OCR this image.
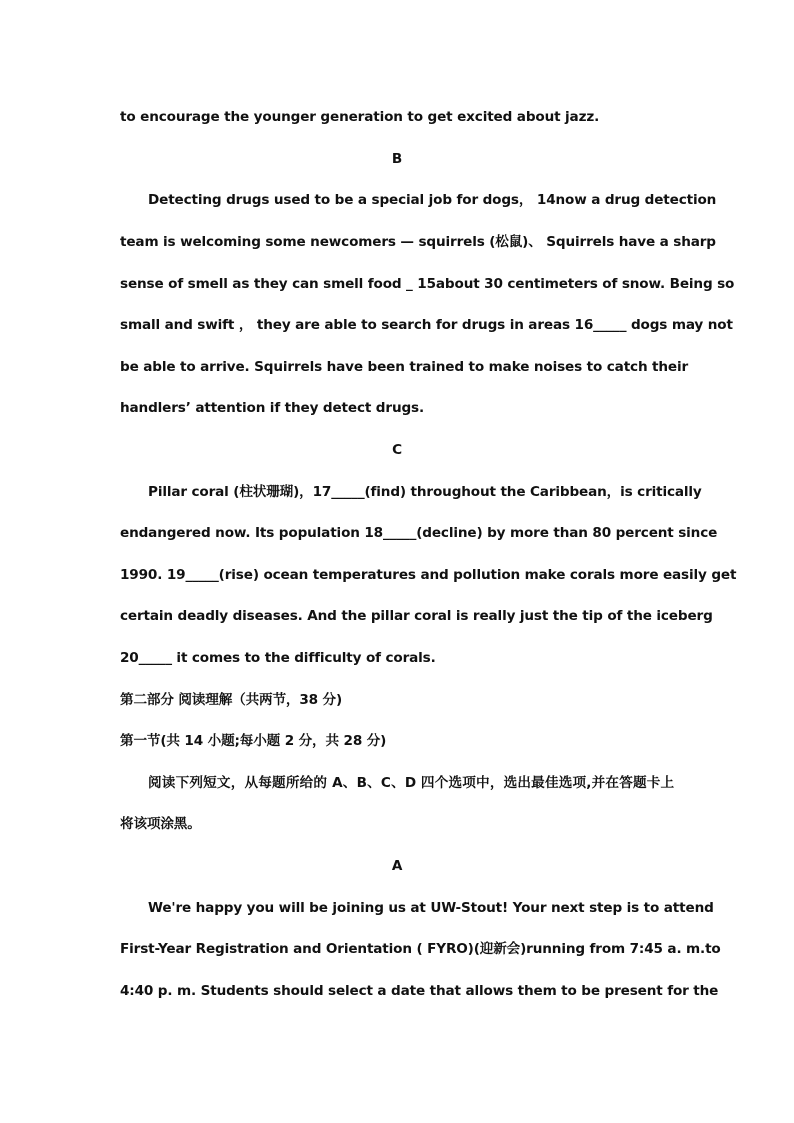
to encourage the younger generation to get excited about jazz.
B
Detecting drugs used to be a special job for dogs， 14now a drug detection
team is welcoming some newcomers — squirrels (松鼠)、 Squirrels have a sharp
sense of smell as they can smell food _ 15about 30 centimeters of snow. Being so
small and swift ， they are able to search for drugs in areas 16_____ dogs may not
be able to arrive. Squirrels have been trained to make noises to catch their
handlers’ attention if they detect drugs.
C
Pillar coral (柱状珊瑚)，17_____(find) throughout the Caribbean，is critically
endangered now. Its population 18_____(decline) by more than 80 percent since
1990. 19_____(rise) ocean temperatures and pollution make corals more easily get
certain deadly diseases. And the pillar coral is really just the tip of the iceberg
20_____ it comes to the difficulty of corals.
第二部分 阅读理解（共两节，38 分)
第一节(共 14 小题;每小题 2 分，共 28 分)
阅读下列短文，从每题所给的 A、B、C、D 四个选项中，选出最佳选项,并在答题卡上
将该项涂黑。
A
We're happy you will be joining us at UW-Stout! Your next step is to attend
First-Year Registration and Orientation ( FYRO)(迎新会)running from 7:45 a. m.to
4:40 p. m. Students should select a date that allows them to be present for the
